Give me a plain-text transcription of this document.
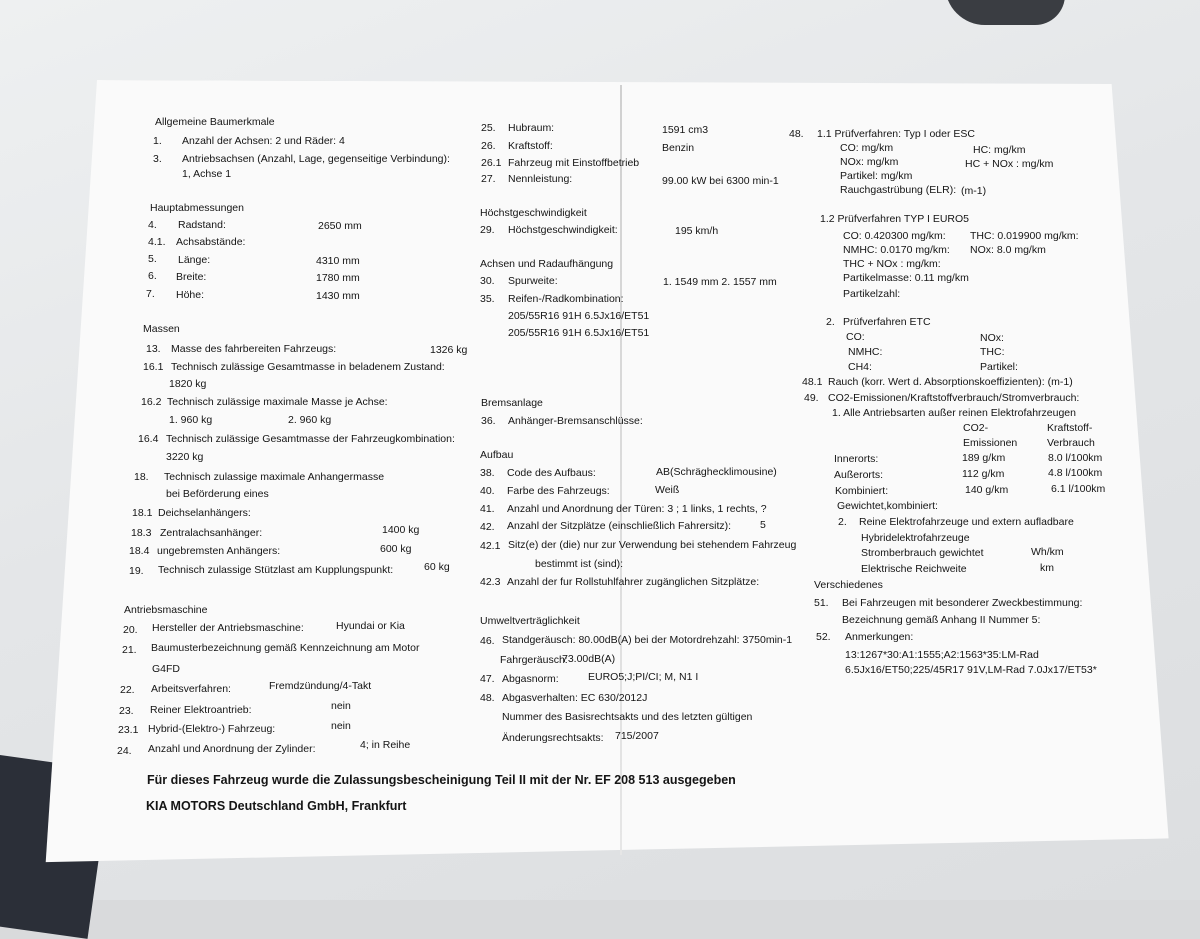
Allgemeine Baumerkmale
1. Anzahl der Achsen: 2 und Räder: 4
3. Antriebsachsen (Anzahl, Lage, gegenseitige Verbindung):
1, Achse 1
Hauptabmessungen
4. Radstand:	2650 mm
4.1. Achsabstände:
5. Länge:	4310 mm
6. Breite:	1780 mm
7. Höhe:	1430 mm
Massen
13. Masse des fahrbereiten Fahrzeugs:	1326 kg
16.1 Technisch zulässige Gesamtmasse in beladenem Zustand:
1820 kg
16.2 Technisch zulässige maximale Masse je Achse:
1. 960 kg	2. 960 kg
16.4 Technisch zulässige Gesamtmasse der Fahrzeugkombination:
3220 kg
18. Technisch zulassige maximale Anhangermasse
bei Beförderung eines
18.1 Deichselanhängers:
18.3 Zentralachsanhänger:	1400 kg
18.4 ungebremsten Anhängers:	600 kg
19. Technisch zulassige Stützlast am Kupplungspunkt:	60 kg
Antriebsmaschine
20. Hersteller der Antriebsmaschine:	Hyundai or Kia
21. Baumusterbezeichnung gemäß Kennzeichnung am Motor
G4FD
22. Arbeitsverfahren:	Fremdzündung/4-Takt
23. Reiner Elektroantrieb:	nein
23.1 Hybrid-(Elektro-) Fahrzeug:	nein
24. Anzahl und Anordnung der Zylinder:	4; in Reihe
25. Hubraum:	1591 cm3
26. Kraftstoff:	Benzin
26.1 Fahrzeug mit Einstoffbetrieb
27. Nennleistung:	99.00 kW bei 6300 min-1
Höchstgeschwindigkeit
29. Höchstgeschwindigkeit:	195 km/h
Achsen und Radaufhängung
30. Spurweite:	1. 1549 mm 2. 1557 mm
35. Reifen-/Radkombination:
205/55R16 91H 6.5Jx16/ET51
205/55R16 91H 6.5Jx16/ET51
Bremsanlage
36. Anhänger-Bremsanschlüsse:
Aufbau
38. Code des Aufbaus:	AB(Schräghecklimousine)
40. Farbe des Fahrzeugs:	Weiß
41. Anzahl und Anordnung der Türen: 3 ; 1 links, 1 rechts, ?
42. Anzahl der Sitzplätze (einschließlich Fahrersitz):	5
42.1 Sitz(e) der (die) nur zur Verwendung bei stehendem Fahrzeug
bestimmt ist (sind):
42.3 Anzahl der fur Rollstuhlfahrer zugänglichen Sitzplätze:
Umweltverträglichkeit
46. Standgeräusch: 80.00dB(A) bei der Motordrehzahl: 3750min-1
Fahrgeräusch:
73.00dB(A)
47. Abgasnorm:	EURO5;J;PI/CI; M, N1 I
48. Abgasverhalten: EC 630/2012J
Nummer des Basisrechtsakts und des letzten gültigen
Änderungsrechtsakts: 715/2007
48. 1.1 Prüfverfahren: Typ I oder ESC
CO: mg/km	HC: mg/km
NOx: mg/km	HC + NOx : mg/km
Partikel: mg/km
Rauchgastrübung (ELR): (m-1)
1.2 Prüfverfahren TYP I EURO5
CO: 0.420300 mg/km: THC: 0.019900 mg/km:
NMHC: 0.0170 mg/km: NOx: 8.0 mg/km
THC + NOx : mg/km:
Partikelmasse: 0.11 mg/km
Partikelzahl:
2. Prüfverfahren ETC
CO:	NOx:
NMHC:	THC:
CH4:	Partikel:
48.1 Rauch (korr. Wert d. Absorptionskoeffizienten): (m-1)
49. CO2-Emissionen/Kraftstoffverbrauch/Stromverbrauch:
1. Alle Antriebsarten außer reinen Elektrofahrzeugen
CO2-	Kraftstoff-
Emissionen	Verbrauch
Innerorts:	189 g/km	8.0 l/100km
Außerorts:	112 g/km	4.8 l/100km
Kombiniert:	140 g/km	6.1 l/100km
Gewichtet,kombiniert:
2. Reine Elektrofahrzeuge und extern aufladbare
Hybridelektrofahrzeuge
Stromberbrauch gewichtet	Wh/km
Elektrische Reichweite	km
Verschiedenes
51. Bei Fahrzeugen mit besonderer Zweckbestimmung:
Bezeichnung gemäß Anhang II Nummer 5:
52. Anmerkungen:
13:1267*30:A1:1555;A2:1563*35:LM-Rad
6.5Jx16/ET50;225/45R17 91V,LM-Rad 7.0Jx17/ET53*
Für dieses Fahrzeug wurde die Zulassungsbescheinigung Teil II mit der Nr. EF 208 513 ausgegeben
KIA MOTORS Deutschland GmbH, Frankfurt
